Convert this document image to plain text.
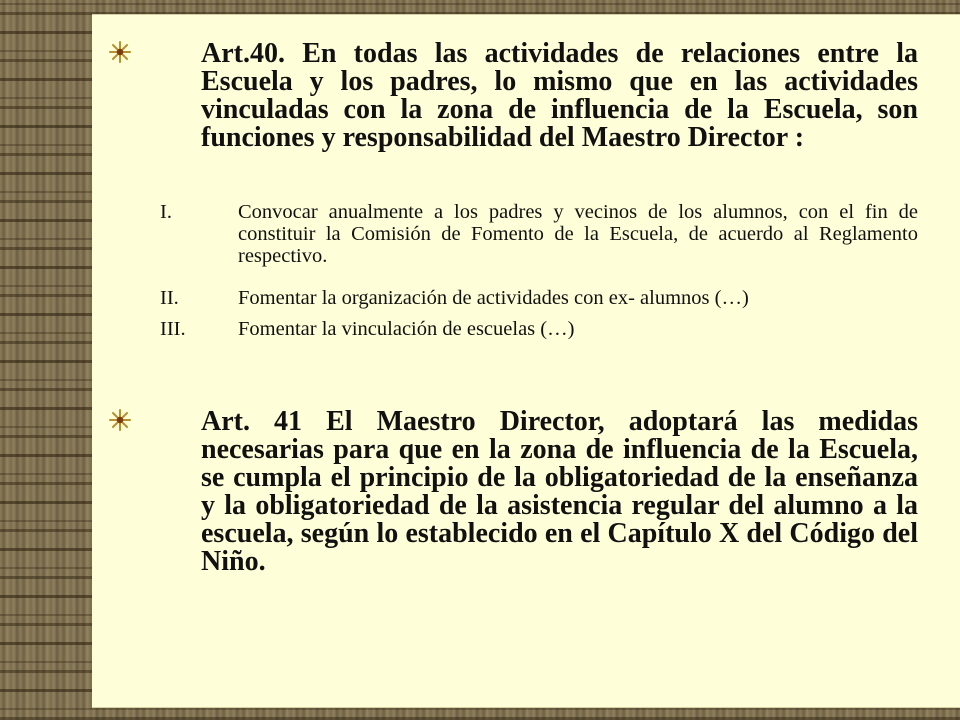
Art.40. En todas las actividades de relaciones entre la Escuela y los padres, lo mismo que en las actividades vinculadas con la zona de influencia de la Escuela, son funciones y responsabilidad del Maestro Director :

I.	Convocar anualmente a los padres y vecinos de los alumnos, con el fin de constituir la Comisión de Fomento de la Escuela, de acuerdo al Reglamento respectivo.
II.	Fomentar la organización de actividades con ex- alumnos (…)
III.	Fomentar la vinculación de escuelas (…)

Art. 41 El Maestro Director, adoptará las medidas necesarias para que en la zona de influencia de la Escuela, se cumpla el principio de la obligatoriedad de la enseñanza y la obligatoriedad de la asistencia regular del alumno a la escuela, según lo establecido en el Capítulo X del Código del Niño.
